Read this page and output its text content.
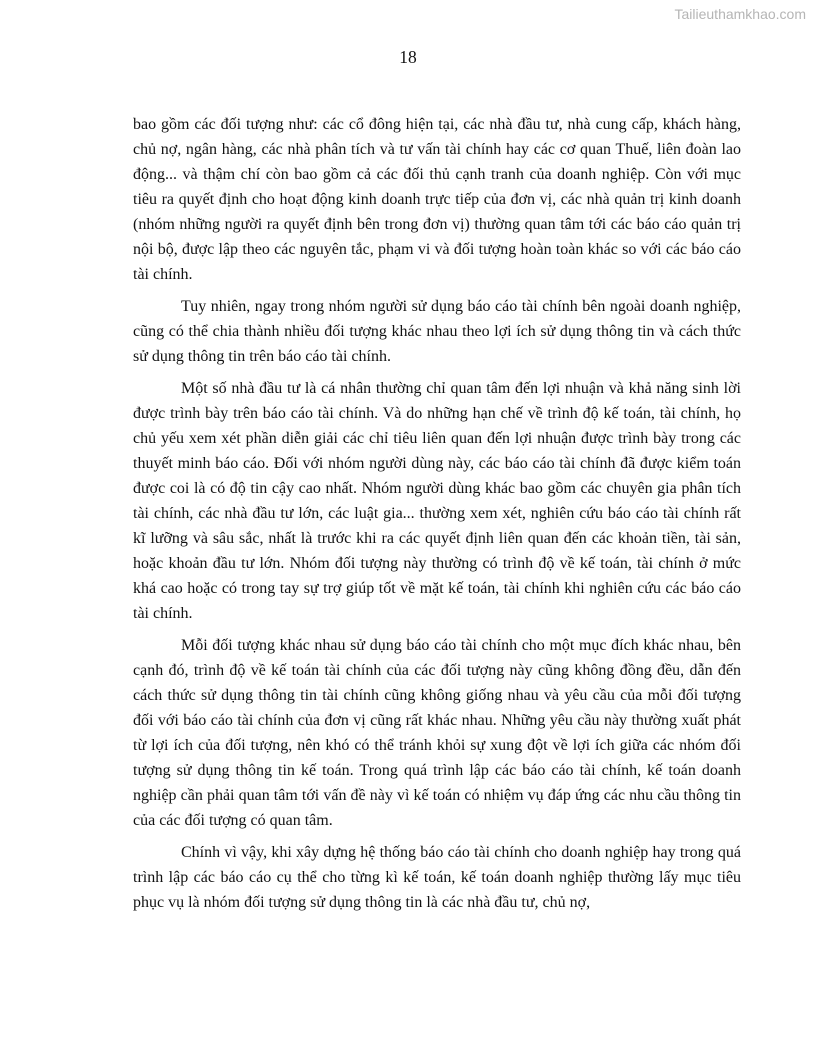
Tailieuthamkhao.com
18

bao gồm các đối tượng như: các cổ đông hiện tại, các nhà đầu tư, nhà cung cấp, khách hàng, chủ nợ, ngân hàng, các nhà phân tích và tư vấn tài chính hay các cơ quan Thuế, liên đoàn lao động... và thậm chí còn bao gồm cả các đối thủ cạnh tranh của doanh nghiệp. Còn với mục tiêu ra quyết định cho hoạt động kinh doanh trực tiếp của đơn vị, các nhà quản trị kinh doanh (nhóm những người ra quyết định bên trong đơn vị) thường quan tâm tới các báo cáo quản trị nội bộ, được lập theo các nguyên tắc, phạm vi và đối tượng hoàn toàn khác so với các báo cáo tài chính.

Tuy nhiên, ngay trong nhóm người sử dụng báo cáo tài chính bên ngoài doanh nghiệp, cũng có thể chia thành nhiều đối tượng khác nhau theo lợi ích sử dụng thông tin và cách thức sử dụng thông tin trên báo cáo tài chính.

Một số nhà đầu tư là cá nhân thường chỉ quan tâm đến lợi nhuận và khả năng sinh lời được trình bày trên báo cáo tài chính. Và do những hạn chế về trình độ kế toán, tài chính, họ chủ yếu xem xét phần diễn giải các chỉ tiêu liên quan đến lợi nhuận được trình bày trong các thuyết minh báo cáo. Đối với nhóm người dùng này, các báo cáo tài chính đã được kiểm toán được coi là có độ tin cậy cao nhất. Nhóm người dùng khác bao gồm các chuyên gia phân tích tài chính, các nhà đầu tư lớn, các luật gia... thường xem xét, nghiên cứu báo cáo tài chính rất kĩ lưỡng và sâu sắc, nhất là trước khi ra các quyết định liên quan đến các khoản tiền, tài sản, hoặc khoản đầu tư lớn. Nhóm đối tượng này thường có trình độ về kế toán, tài chính ở mức khá cao hoặc có trong tay sự trợ giúp tốt về mặt kế toán, tài chính khi nghiên cứu các báo cáo tài chính.

Mỗi đối tượng khác nhau sử dụng báo cáo tài chính cho một mục đích khác nhau, bên cạnh đó, trình độ về kế toán tài chính của các đối tượng này cũng không đồng đều, dẫn đến cách thức sử dụng thông tin tài chính cũng không giống nhau và yêu cầu của mỗi đối tượng đối với báo cáo tài chính của đơn vị cũng rất khác nhau. Những yêu cầu này thường xuất phát từ lợi ích của đối tượng, nên khó có thể tránh khỏi sự xung đột về lợi ích giữa các nhóm đối tượng sử dụng thông tin kế toán. Trong quá trình lập các báo cáo tài chính, kế toán doanh nghiệp cần phải quan tâm tới vấn đề này vì kế toán có nhiệm vụ đáp ứng các nhu cầu thông tin của các đối tượng có quan tâm.

Chính vì vậy, khi xây dựng hệ thống báo cáo tài chính cho doanh nghiệp hay trong quá trình lập các báo cáo cụ thể cho từng kì kế toán, kế toán doanh nghiệp thường lấy mục tiêu phục vụ là nhóm đối tượng sử dụng thông tin là các nhà đầu tư, chủ nợ,
